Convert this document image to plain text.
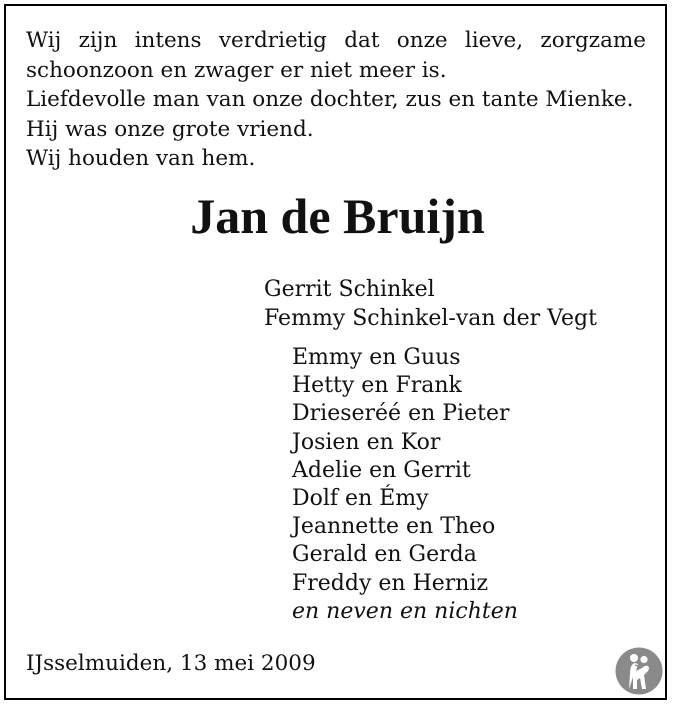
Wij zijn intens verdrietig dat onze lieve, zorgzame
schoonzoon en zwager er niet meer is.
Liefdevolle man van onze dochter, zus en tante Mienke.
Hij was onze grote vriend.
Wij houden van hem.
Jan de Bruijn
Gerrit Schinkel
Femmy Schinkel-van der Vegt
Emmy en Guus
Hetty en Frank
Drieseréé en Pieter
Josien en Kor
Adelie en Gerrit
Dolf en Émy
Jeannette en Theo
Gerald en Gerda
Freddy en Herniz
en neven en nichten

IJsselmuiden, 13 mei 2009
